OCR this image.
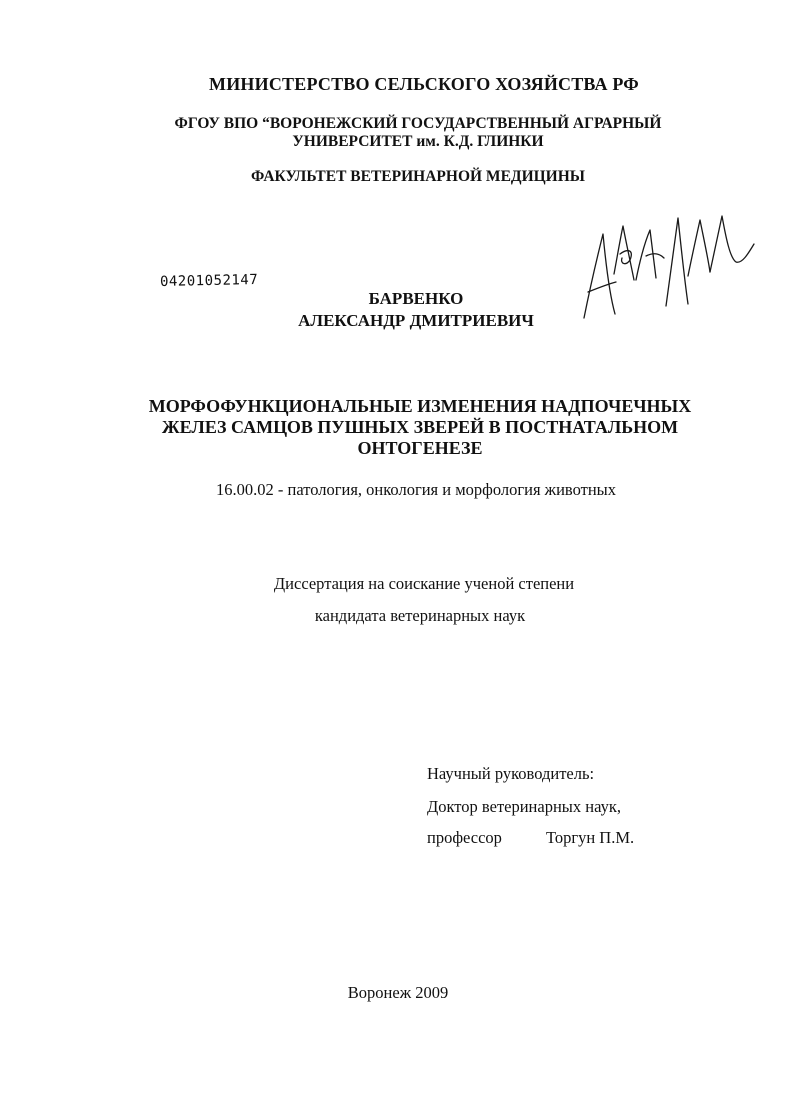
МИНИСТЕРСТВО СЕЛЬСКОГО ХОЗЯЙСТВА РФ
ФГОУ ВПО “ВОРОНЕЖСКИЙ ГОСУДАРСТВЕННЫЙ АГРАРНЫЙ
УНИВЕРСИТЕТ им. К.Д. ГЛИНКИ
ФАКУЛЬТЕТ ВЕТЕРИНАРНОЙ МЕДИЦИНЫ
04201052147
БАРВЕНКО
АЛЕКСАНДР ДМИТРИЕВИЧ
МОРФОФУНКЦИОНАЛЬНЫЕ ИЗМЕНЕНИЯ НАДПОЧЕЧНЫХ
ЖЕЛЕЗ САМЦОВ ПУШНЫХ ЗВЕРЕЙ В ПОСТНАТАЛЬНОМ
ОНТОГЕНЕЗЕ
16.00.02 - патология, онкология и морфология животных
Диссертация на соискание ученой степени
кандидата ветеринарных наук
Научный руководитель:
Доктор ветеринарных наук,
профессор	Торгун П.М.
Воронеж 2009
